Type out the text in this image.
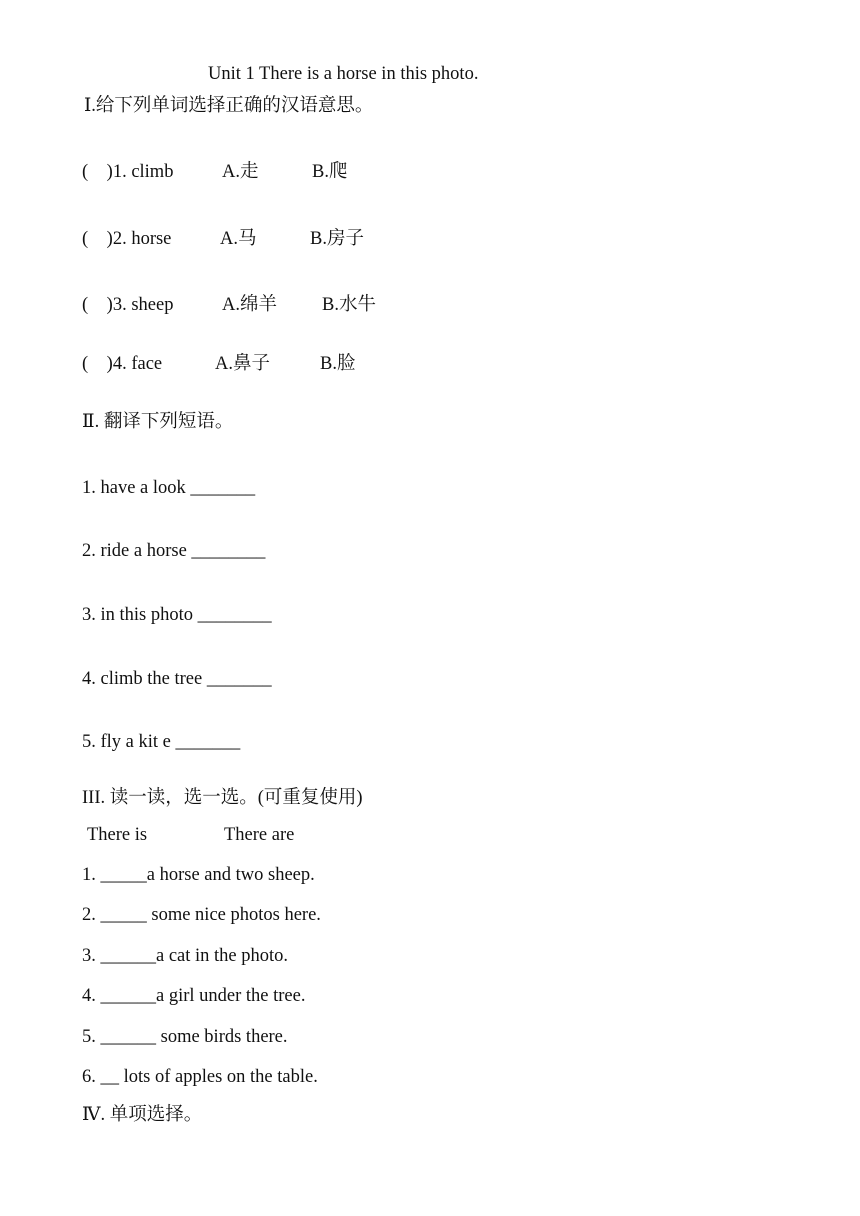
Unit 1 There is a horse in this photo.
Ⅰ.给下列单词选择正确的汉语意思。
(    )1. climb	A.走	B.爬
(    )2. horse	A.马	B.房子
(    )3. sheep	A.绵羊 B.水牛
(    )4. face	A.鼻子	B.脸
Ⅱ. 翻译下列短语。
1. have a look _______
2. ride a horse ________
3. in this photo ________
4. climb the tree _______
5. fly a kit e _______
III. 读一读，选一选。(可重复使用)
There is	There are
1. _____a horse and two sheep.
2. _____ some nice photos here.
3. ______a cat in the photo.
4. ______a girl under the tree.
5. ______ some birds there.
6. __ lots of apples on the table.
Ⅳ. 单项选择。
